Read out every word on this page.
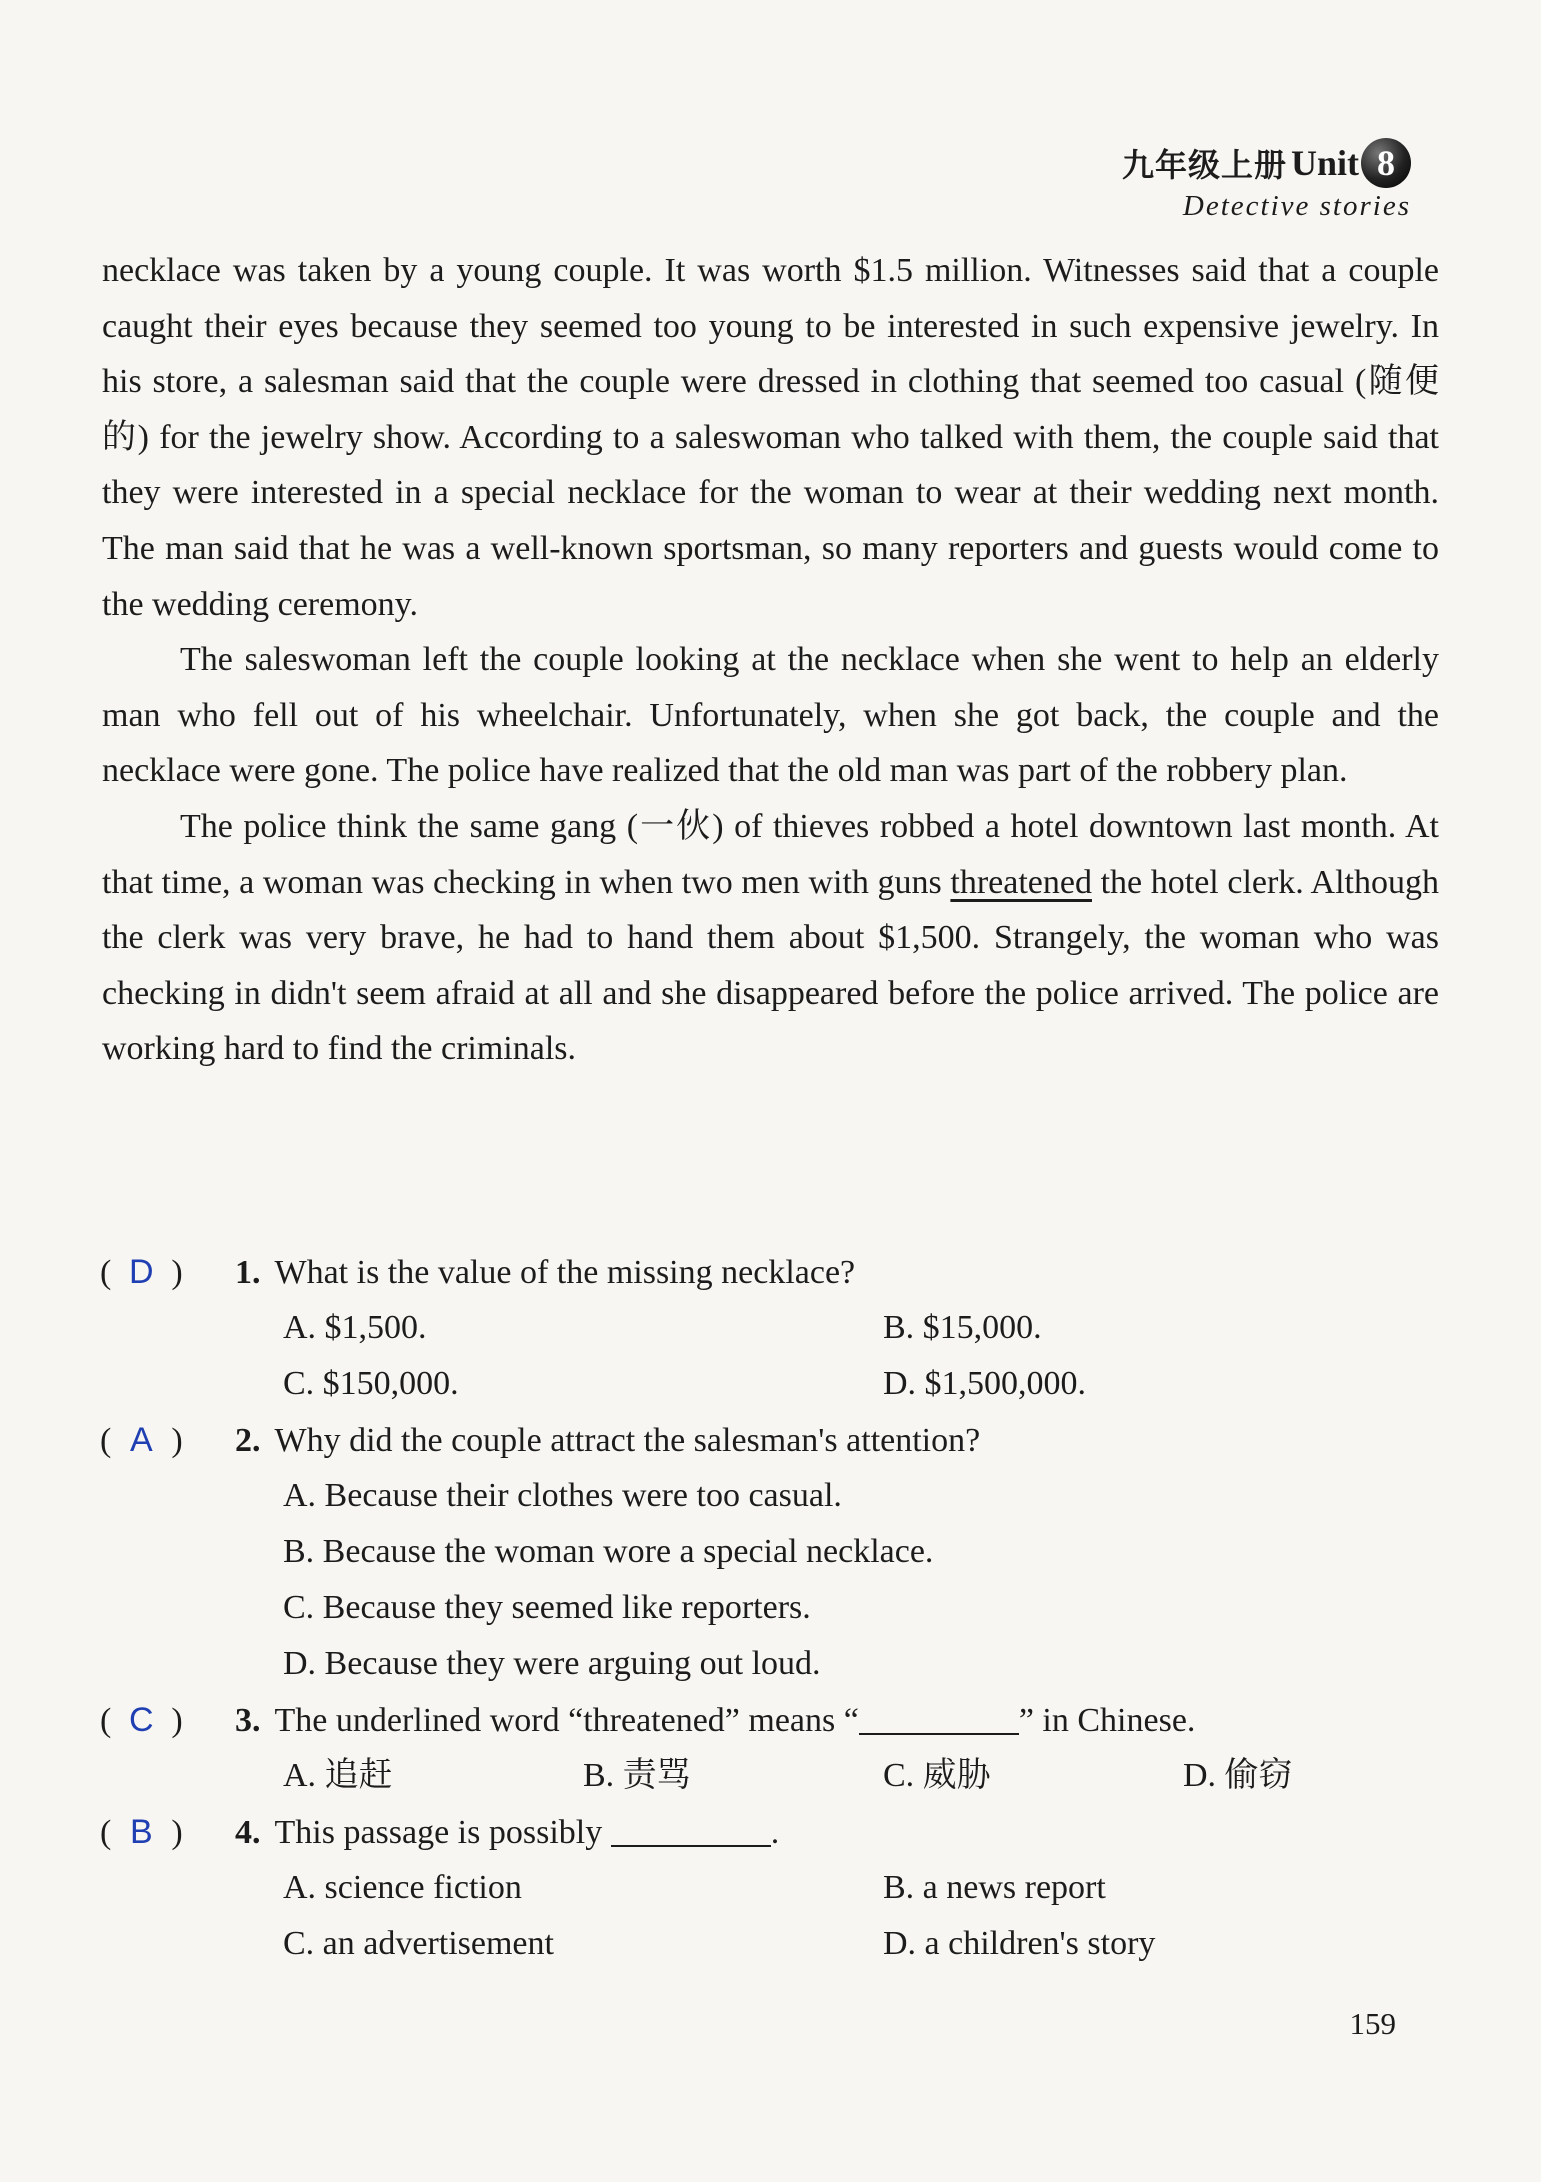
九年级上册 Unit 8
Detective stories

necklace was taken by a young couple. It was worth $1.5 million. Witnesses said that a couple caught their eyes because they seemed too young to be interested in such expensive jewelry. In his store, a salesman said that the couple were dressed in clothing that seemed too casual (随便的) for the jewelry show. According to a saleswoman who talked with them, the couple said that they were interested in a special necklace for the woman to wear at their wedding next month. The man said that he was a well-known sportsman, so many reporters and guests would come to the wedding ceremony.

The saleswoman left the couple looking at the necklace when she went to help an elderly man who fell out of his wheelchair. Unfortunately, when she got back, the couple and the necklace were gone. The police have realized that the old man was part of the robbery plan.

The police think the same gang (一伙) of thieves robbed a hotel downtown last month. At that time, a woman was checking in when two men with guns threatened the hotel clerk. Although the clerk was very brave, he had to hand them about $1,500. Strangely, the woman who was checking in didn't seem afraid at all and she disappeared before the police arrived. The police are working hard to find the criminals.

( D )	1. What is the value of the missing necklace?
A. $1,500.	B. $15,000.
C. $150,000.	D. $1,500,000.
( A )	2. Why did the couple attract the salesman's attention?
A. Because their clothes were too casual.
B. Because the woman wore a special necklace.
C. Because they seemed like reporters.
D. Because they were arguing out loud.
( C )	3. The underlined word “threatened” means “	” in Chinese.
A. 追赶	B. 责骂	C. 威胁	D. 偷窃
( B )	4. This passage is possibly	.
A. science fiction	B. a news report
C. an advertisement	D. a children's story
159
